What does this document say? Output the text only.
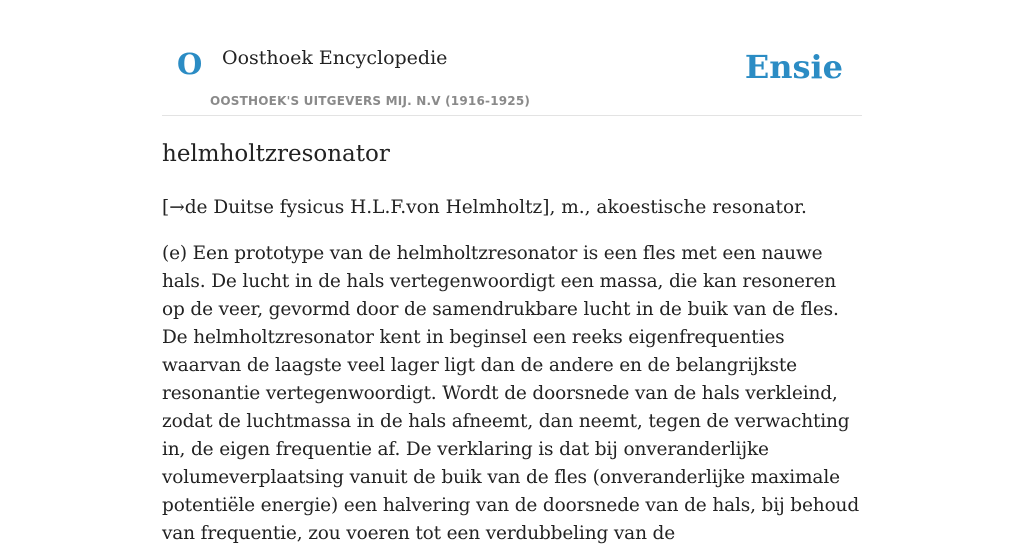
O Oosthoek Encyclopedie
OOSTHOEK'S UITGEVERS MIJ. N.V (1916-1925)
Ensie
helmholtzresonator

[→de Duitse fysicus H.L.F.von Helmholtz], m., akoestische resonator.

(e) Een prototype van de helmholtzresonator is een fles met een nauwe hals. De lucht in de hals vertegenwoordigt een massa, die kan resoneren op de veer, gevormd door de samendrukbare lucht in de buik van de fles. De helmholtzresonator kent in beginsel een reeks eigenfrequenties waarvan de laagste veel lager ligt dan de andere en de belangrijkste resonantie vertegenwoordigt. Wordt de doorsnede van de hals verkleind, zodat de luchtmassa in de hals afneemt, dan neemt, tegen de verwachting in, de eigen frequentie af. De verklaring is dat bij onveranderlijke volumeverplaatsing vanuit de buik van de fles (onveranderlijke maximale potentiële energie) een halvering van de doorsnede van de hals, bij behoud van frequentie, zou voeren tot een verdubbeling van de
